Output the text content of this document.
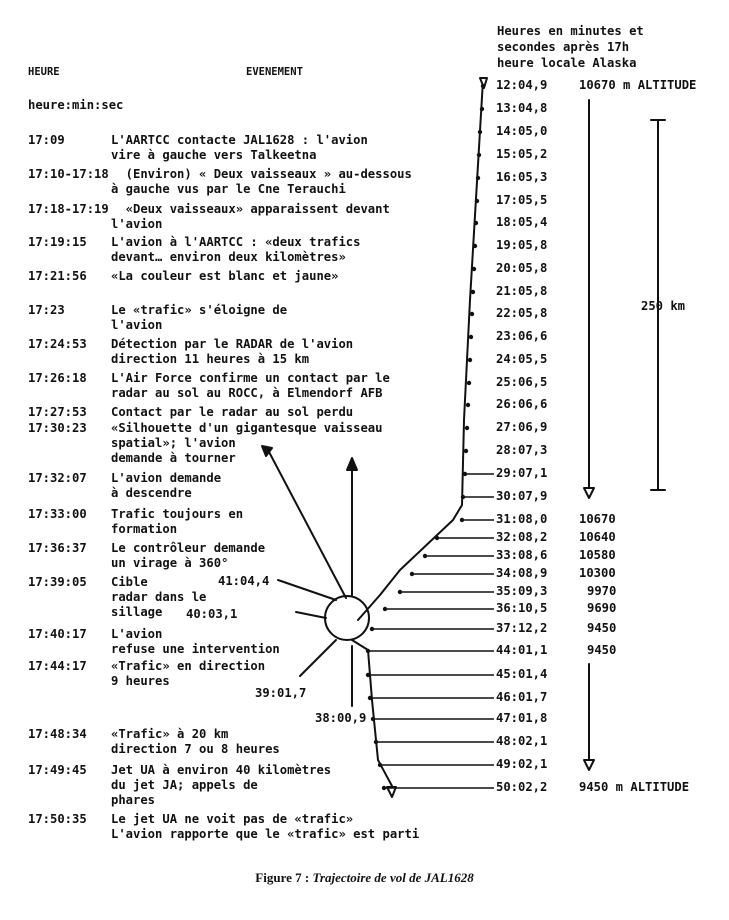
HEURE	EVENEMENT
heure:min:sec
Heures en minutes et
secondes après 17h
heure locale Alaska
17:09	L'AARTCC contacte JAL1628 : l'avion
vire à gauche vers Talkeetna
17:10-17:18 (Environ) « Deux vaisseaux » au-dessous
à gauche vus par le Cne Terauchi
17:18-17:19 «Deux vaisseaux» apparaissent devant
l'avion
17:19:15 L'avion à l'AARTCC : «deux trafics
devant… environ deux kilomètres»
17:21:56 «La couleur est blanc et jaune»
17:23	Le «trafic» s'éloigne de
l'avion
17:24:53 Détection par le RADAR de l'avion
direction 11 heures à 15 km
17:26:18 L'Air Force confirme un contact par le
radar au sol au ROCC, à Elmendorf AFB
17:27:53 Contact par le radar au sol perdu
17:30:23 «Silhouette d'un gigantesque vaisseau
spatial»; l'avion
demande à tourner
17:32:07 L'avion demande
à descendre
17:33:00 Trafic toujours en
formation
17:36:37 Le contrôleur demande
un virage à 360°
17:39:05 Cible
radar dans le
sillage
17:40:17 L'avion
refuse une intervention
17:44:17 «Trafic» en direction
9 heures
17:48:34 «Trafic» à 20 km
direction 7 ou 8 heures
17:49:45 Jet UA à environ 40 kilomètres
du jet JA; appels de
phares
17:50:35 Le jet UA ne voit pas de «trafic»
L'avion rapporte que le «trafic» est parti
12:04,9	10670 m ALTITUDE
13:04,8
14:05,0
15:05,2
16:05,3
17:05,5
18:05,4
19:05,8
20:05,8
21:05,8
22:05,8
23:06,6
24:05,5
25:06,5
26:06,6
27:06,9
28:07,3
29:07,1
30:07,9
31:08,0	10670
32:08,2	10640
33:08,6	10580
34:08,9	10300
35:09,3	9970
36:10,5	9690
37:12,2	9450
44:01,1	9450
45:01,4
46:01,7
47:01,8
48:02,1
49:02,1
50:02,2	9450 m ALTITUDE
250 km
41:04,4
40:03,1
39:01,7
38:00,9
Figure 7 : Trajectoire de vol de JAL1628
